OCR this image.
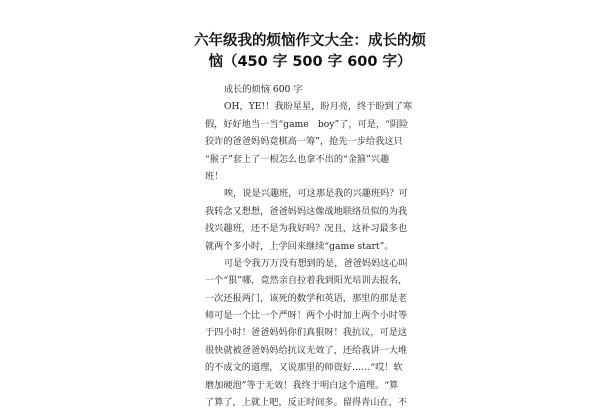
六年级我的烦恼作文大全：成长的烦
恼（450 字 500 字 600 字）
成长的烦恼 600 字
OH，YE!！我盼星星，盼月亮，终于盼到了寒
假，好好地当一当“game　boy”了，可是，“阴险
狡诈的爸爸妈妈竟棋高一筹”，抢先一步给我这只
“猴子”套上了一根怎么也拿不出的“金箍”兴趣
班！
唉，说是兴趣班，可这那是我的兴趣班吗？可
我转念又想想，爸爸妈妈这像战地联络员似的为我
找兴趣班，还不是为我好吗？况且，这补习最多也
就两个多小时，上学回来继续“game start”。
可是令我万万没有想到的是，爸爸妈妈这心叫
一个“狠”哪，竟然亲自拉着我到阳光培训去报名，
一次还报两门，该死的数学和英语，那里的那是老
师可是一个比一个严呀！两个小时加上两个小时等
于四小时！爸爸妈妈你们真狠呀！我抗议，可是这
很快就被爸爸妈妈给抗议无效了，还给我讲一大堆
的不成文的道理，又说那里的师资好……“哎！软
磨加硬泡”等于无效！我终于明白这个道理。“算
了算了，上就上吧，反正时间多。留得青山在，不
